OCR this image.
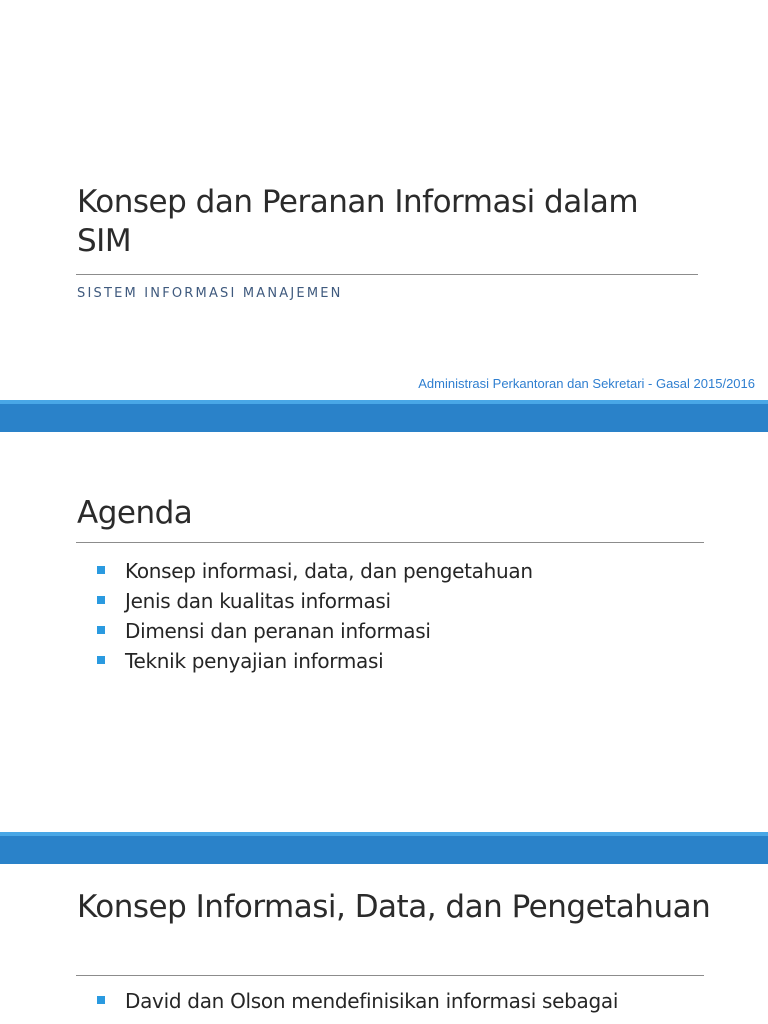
Konsep dan Peranan Informasi dalam SIM
SISTEM INFORMASI MANAJEMEN
Administrasi Perkantoran dan Sekretari - Gasal 2015/2016
Agenda
Konsep informasi, data, dan pengetahuan
Jenis dan kualitas informasi
Dimensi dan peranan informasi
Teknik penyajian informasi
Konsep Informasi, Data, dan Pengetahuan
David dan Olson mendefinisikan informasi sebagai
